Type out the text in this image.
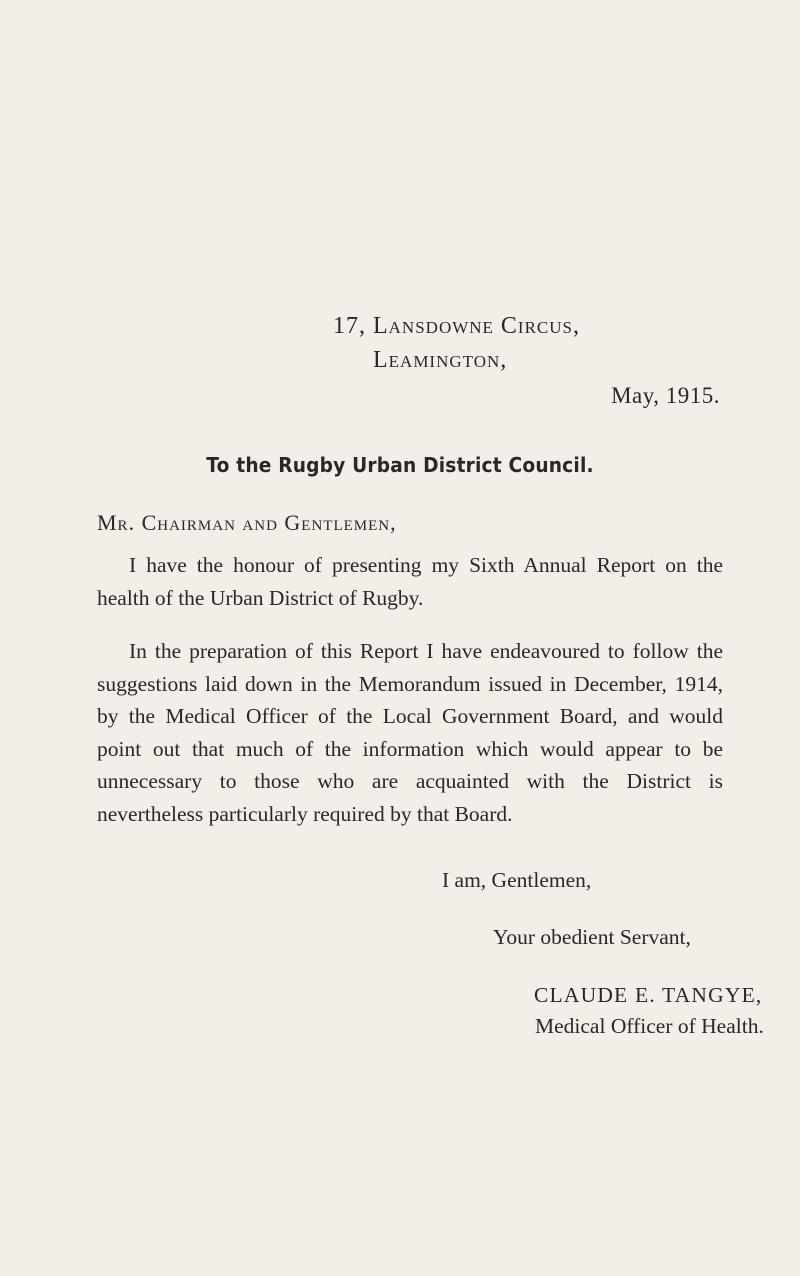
17, Lansdowne Circus,
Leamington,
May, 1915.
To the Rugby Urban District Council.
Mr. Chairman and Gentlemen,

I have the honour of presenting my Sixth Annual Report on the health of the Urban District of Rugby.

In the preparation of this Report I have endeavoured to follow the suggestions laid down in the Memorandum issued in December, 1914, by the Medical Officer of the Local Government Board, and would point out that much of the information which would appear to be unnecessary to those who are acquainted with the District is nevertheless particularly required by that Board.

I am, Gentlemen,
Your obedient Servant,
CLAUDE E. TANGYE,
Medical Officer of Health.
